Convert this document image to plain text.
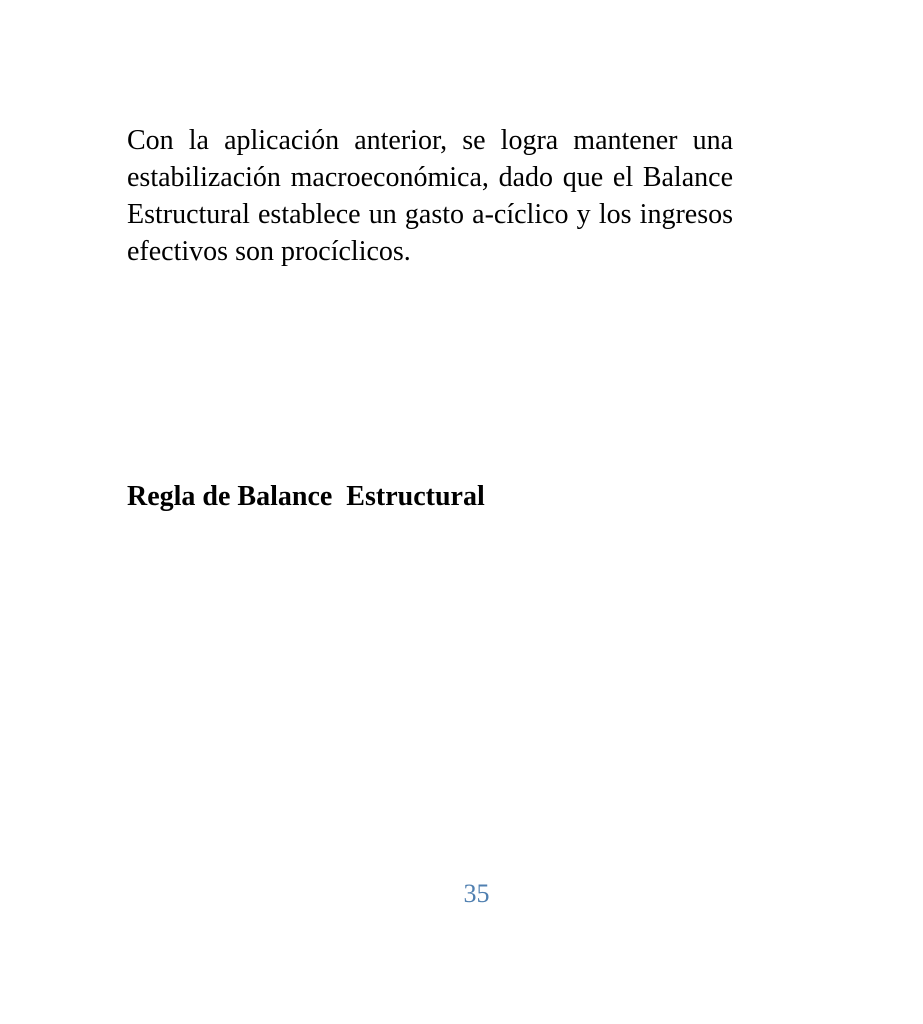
Con la aplicación anterior, se logra mantener una
estabilización macroeconómica, dado que el Balance
Estructural establece un gasto a-cíclico y los ingresos
efectivos son procíclicos.

Regla de Balance  Estructural
35
